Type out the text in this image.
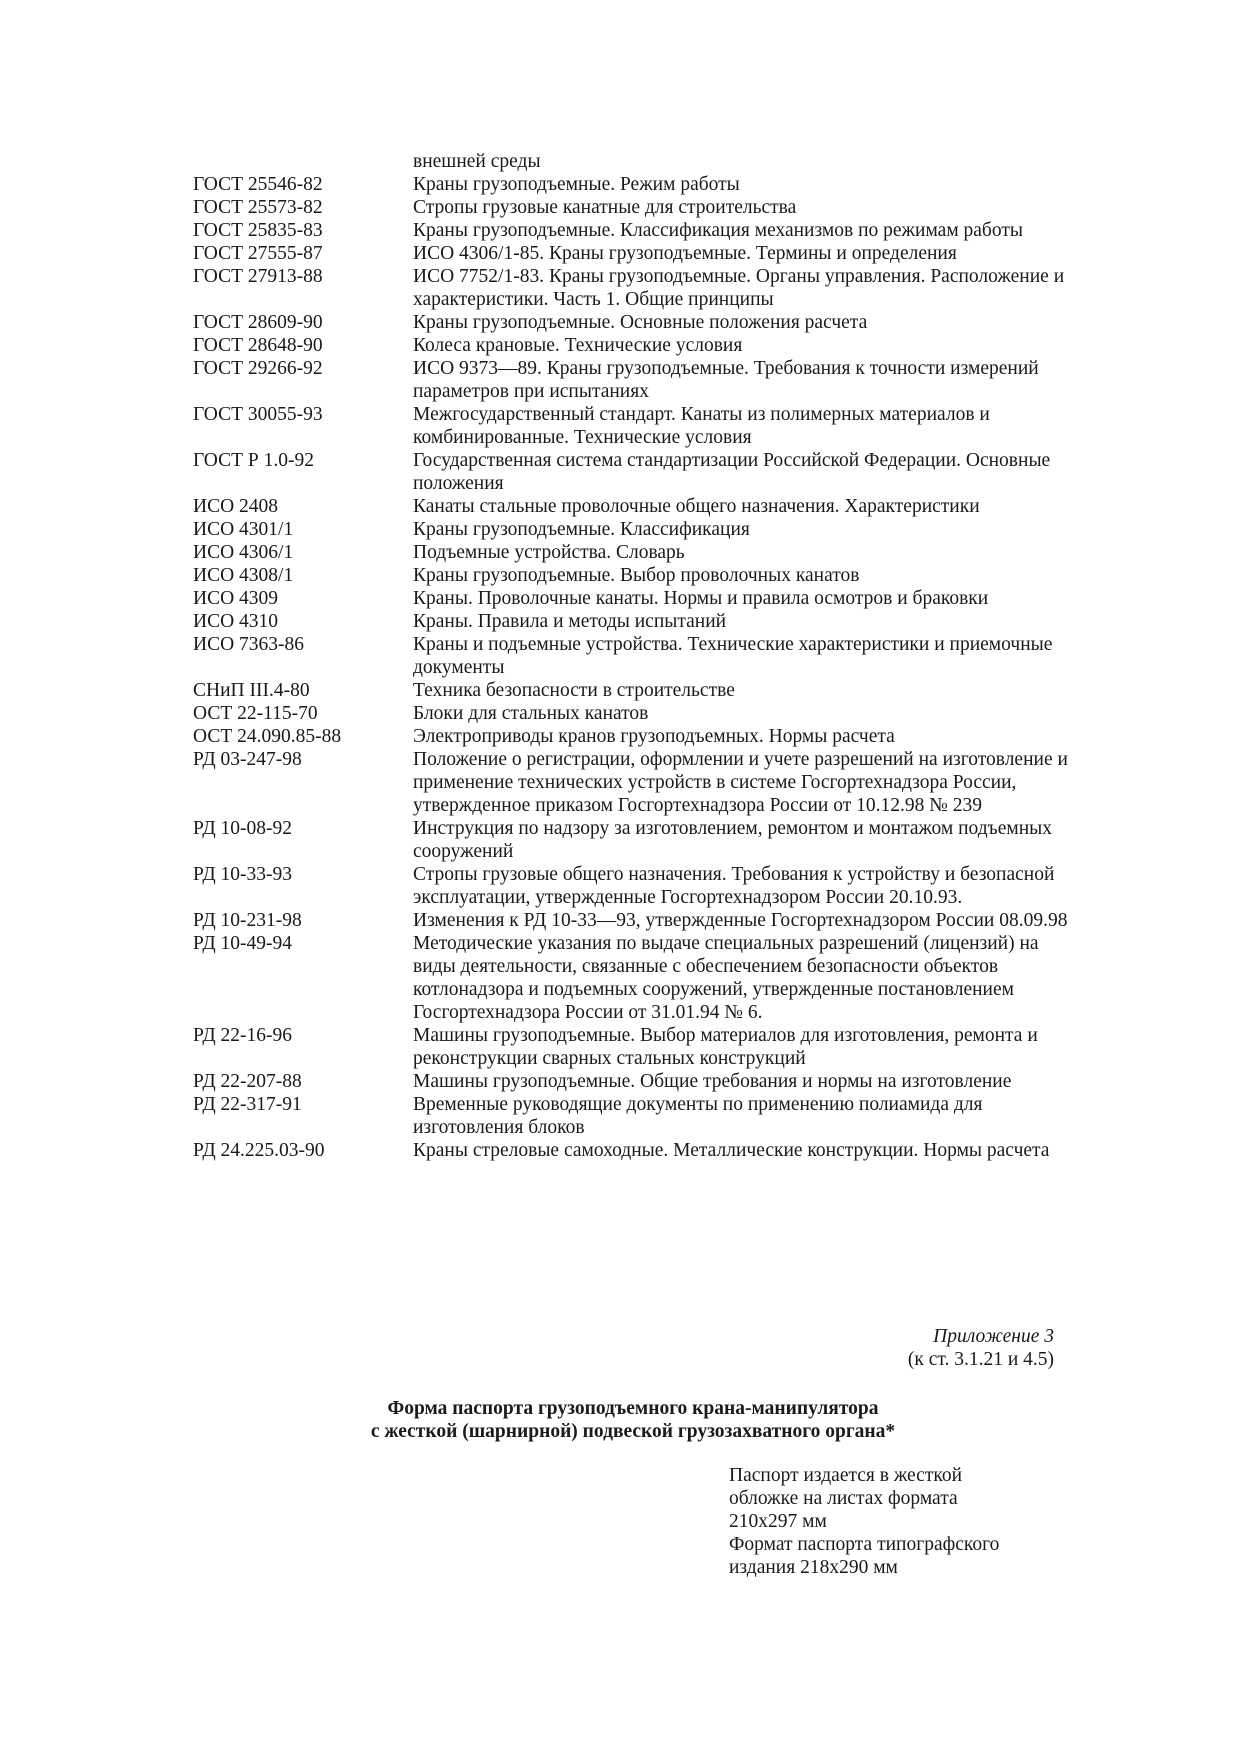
внешней среды
ГОСТ 25546-82	Краны грузоподъемные. Режим работы
ГОСТ 25573-82	Стропы грузовые канатные для строительства
ГОСТ 25835-83	Краны грузоподъемные. Классификация механизмов по режимам работы
ГОСТ 27555-87	ИСО 4306/1-85. Краны грузоподъемные. Термины и определения
ГОСТ 27913-88	ИСО 7752/1-83. Краны грузоподъемные. Органы управления. Расположение и характеристики. Часть 1. Общие принципы
ГОСТ 28609-90	Краны грузоподъемные. Основные положения расчета
ГОСТ 28648-90	Колеса крановые. Технические условия
ГОСТ 29266-92	ИСО 9373—89. Краны грузоподъемные. Требования к точности измерений параметров при испытаниях
ГОСТ 30055-93	Межгосударственный стандарт. Канаты из полимерных материалов и комбинированные. Технические условия
ГОСТ Р 1.0-92	Государственная система стандартизации Российской Федерации. Основные положения
ИСО 2408	Канаты стальные проволочные общего назначения. Характеристики
ИСО 4301/1	Краны грузоподъемные. Классификация
ИСО 4306/1	Подъемные устройства. Словарь
ИСО 4308/1	Краны грузоподъемные. Выбор проволочных канатов
ИСО 4309	Краны. Проволочные канаты. Нормы и правила осмотров и браковки
ИСО 4310	Краны. Правила и методы испытаний
ИСО 7363-86	Краны и подъемные устройства. Технические характеристики и приемочные документы
СНиП III.4-80	Техника безопасности в строительстве
ОСТ 22-115-70	Блоки для стальных канатов
ОСТ 24.090.85-88	Электроприводы кранов грузоподъемных. Нормы расчета
РД 03-247-98	Положение о регистрации, оформлении и учете разрешений на изготовление и применение технических устройств в системе Госгортехнадзора России, утвержденное приказом Госгортехнадзора России от 10.12.98 № 239
РД 10-08-92	Инструкция по надзору за изготовлением, ремонтом и монтажом подъемных сооружений
РД 10-33-93	Стропы грузовые общего назначения. Требования к устройству и безопасной эксплуатации, утвержденные Госгортехнадзором России 20.10.93.
РД 10-231-98	Изменения к РД 10-33—93, утвержденные Госгортехнадзором России 08.09.98
РД 10-49-94	Методические указания по выдаче специальных разрешений (лицензий) на виды деятельности, связанные с обеспечением безопасности объектов котлонадзора и подъемных сооружений, утвержденные постановлением Госгортехнадзора России от 31.01.94 № 6.
РД 22-16-96	Машины грузоподъемные. Выбор материалов для изготовления, ремонта и реконструкции сварных стальных конструкций
РД 22-207-88	Машины грузоподъемные. Общие требования и нормы на изготовление
РД 22-317-91	Временные руководящие документы по применению полиамида для изготовления блоков
РД 24.225.03-90	Краны стреловые самоходные. Металлические конструкции. Нормы расчета
Приложение 3
(к ст. 3.1.21 и 4.5)
Форма паспорта грузоподъемного крана-манипулятора
с жесткой (шарнирной) подвеской грузозахватного органа*
Паспорт издается в жесткой
обложке на листах формата
210х297 мм
Формат паспорта типографского
издания 218х290 мм
